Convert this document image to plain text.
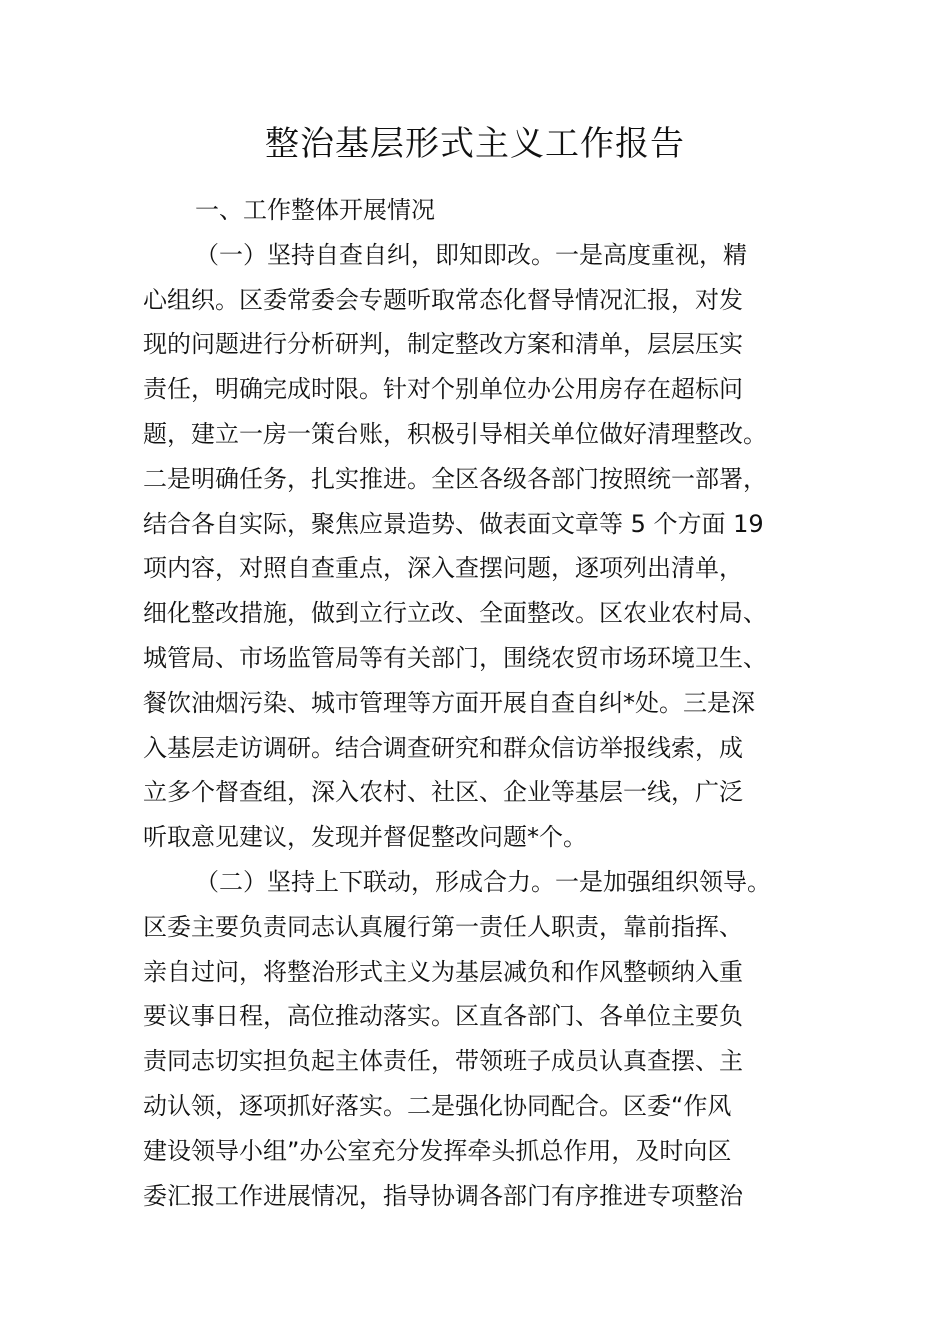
整治基层形式主义工作报告

一、工作整体开展情况

（一）坚持自查自纠，即知即改。一是高度重视，精
心组织。区委常委会专题听取常态化督导情况汇报，对发
现的问题进行分析研判，制定整改方案和清单，层层压实
责任，明确完成时限。针对个别单位办公用房存在超标问
题，建立一房一策台账，积极引导相关单位做好清理整改。
二是明确任务，扎实推进。全区各级各部门按照统一部署，
结合各自实际，聚焦应景造势、做表面文章等 5 个方面 19
项内容，对照自查重点，深入查摆问题，逐项列出清单，
细化整改措施，做到立行立改、全面整改。区农业农村局、
城管局、市场监管局等有关部门，围绕农贸市场环境卫生、
餐饮油烟污染、城市管理等方面开展自查自纠*处。三是深
入基层走访调研。结合调查研究和群众信访举报线索，成
立多个督查组，深入农村、社区、企业等基层一线，广泛
听取意见建议，发现并督促整改问题*个。

（二）坚持上下联动，形成合力。一是加强组织领导。
区委主要负责同志认真履行第一责任人职责，靠前指挥、
亲自过问，将整治形式主义为基层减负和作风整顿纳入重
要议事日程，高位推动落实。区直各部门、各单位主要负
责同志切实担负起主体责任，带领班子成员认真查摆、主
动认领，逐项抓好落实。二是强化协同配合。区委“作风
建设领导小组”办公室充分发挥牵头抓总作用，及时向区
委汇报工作进展情况，指导协调各部门有序推进专项整治
